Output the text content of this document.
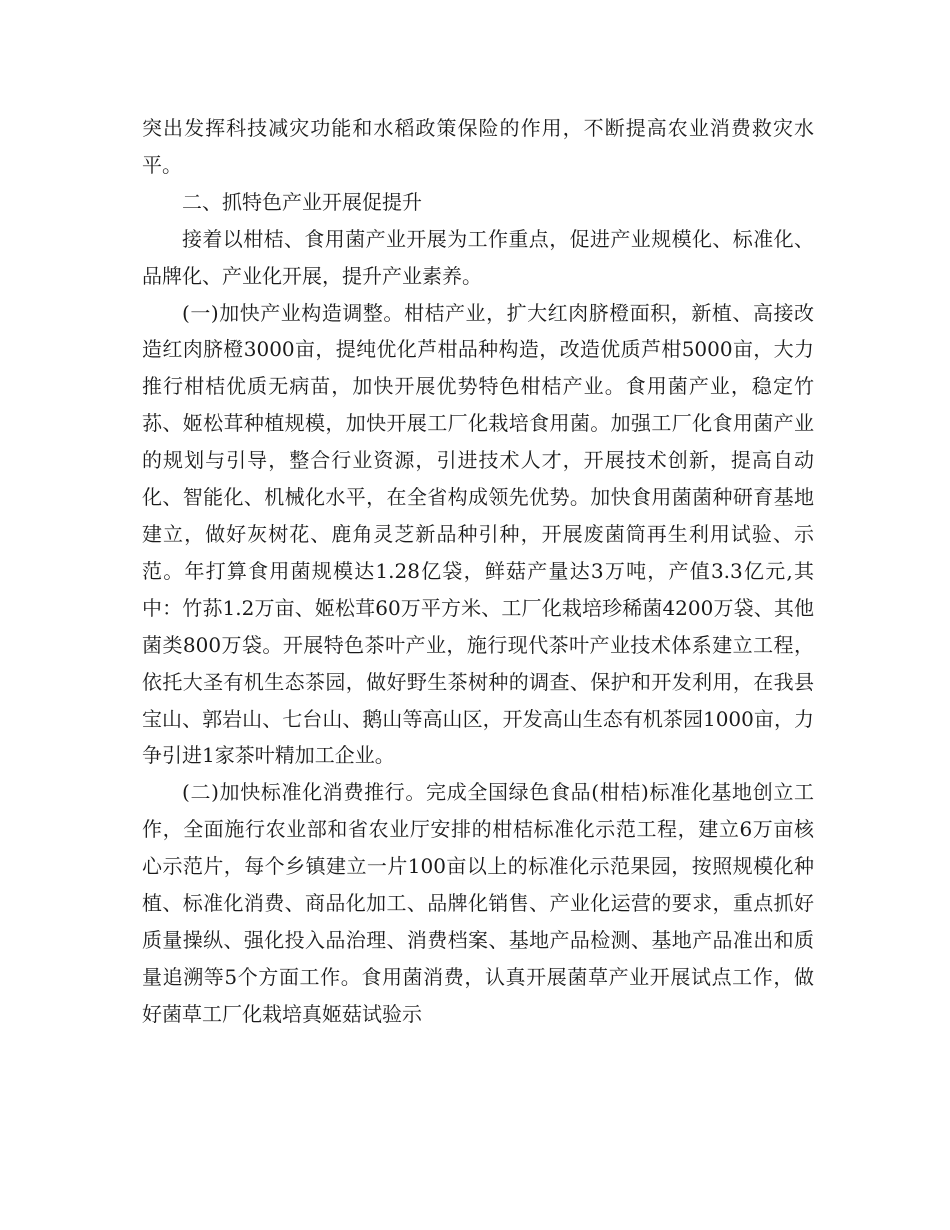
突出发挥科技减灾功能和水稻政策保险的作用，不断提高农业消费救灾水平。

二、抓特色产业开展促提升

接着以柑桔、食用菌产业开展为工作重点，促进产业规模化、标准化、品牌化、产业化开展，提升产业素养。

(一)加快产业构造调整。柑桔产业，扩大红肉脐橙面积，新植、高接改造红肉脐橙3000亩，提纯优化芦柑品种构造，改造优质芦柑5000亩，大力推行柑桔优质无病苗，加快开展优势特色柑桔产业。食用菌产业，稳定竹荪、姬松茸种植规模，加快开展工厂化栽培食用菌。加强工厂化食用菌产业的规划与引导，整合行业资源，引进技术人才，开展技术创新，提高自动化、智能化、机械化水平，在全省构成领先优势。加快食用菌菌种研育基地建立，做好灰树花、鹿角灵芝新品种引种，开展废菌筒再生利用试验、示范。年打算食用菌规模达1.28亿袋，鲜菇产量达3万吨，产值3.3亿元,其中：竹荪1.2万亩、姬松茸60万平方米、工厂化栽培珍稀菌4200万袋、其他菌类800万袋。开展特色茶叶产业，施行现代茶叶产业技术体系建立工程，依托大圣有机生态茶园，做好野生茶树种的调查、保护和开发利用，在我县宝山、郭岩山、七台山、鹅山等高山区，开发高山生态有机茶园1000亩，力争引进1家茶叶精加工企业。

(二)加快标准化消费推行。完成全国绿色食品(柑桔)标准化基地创立工作，全面施行农业部和省农业厅安排的柑桔标准化示范工程，建立6万亩核心示范片，每个乡镇建立一片100亩以上的标准化示范果园，按照规模化种植、标准化消费、商品化加工、品牌化销售、产业化运营的要求，重点抓好质量操纵、强化投入品治理、消费档案、基地产品检测、基地产品准出和质量追溯等5个方面工作。食用菌消费，认真开展菌草产业开展试点工作，做好菌草工厂化栽培真姬菇试验示
